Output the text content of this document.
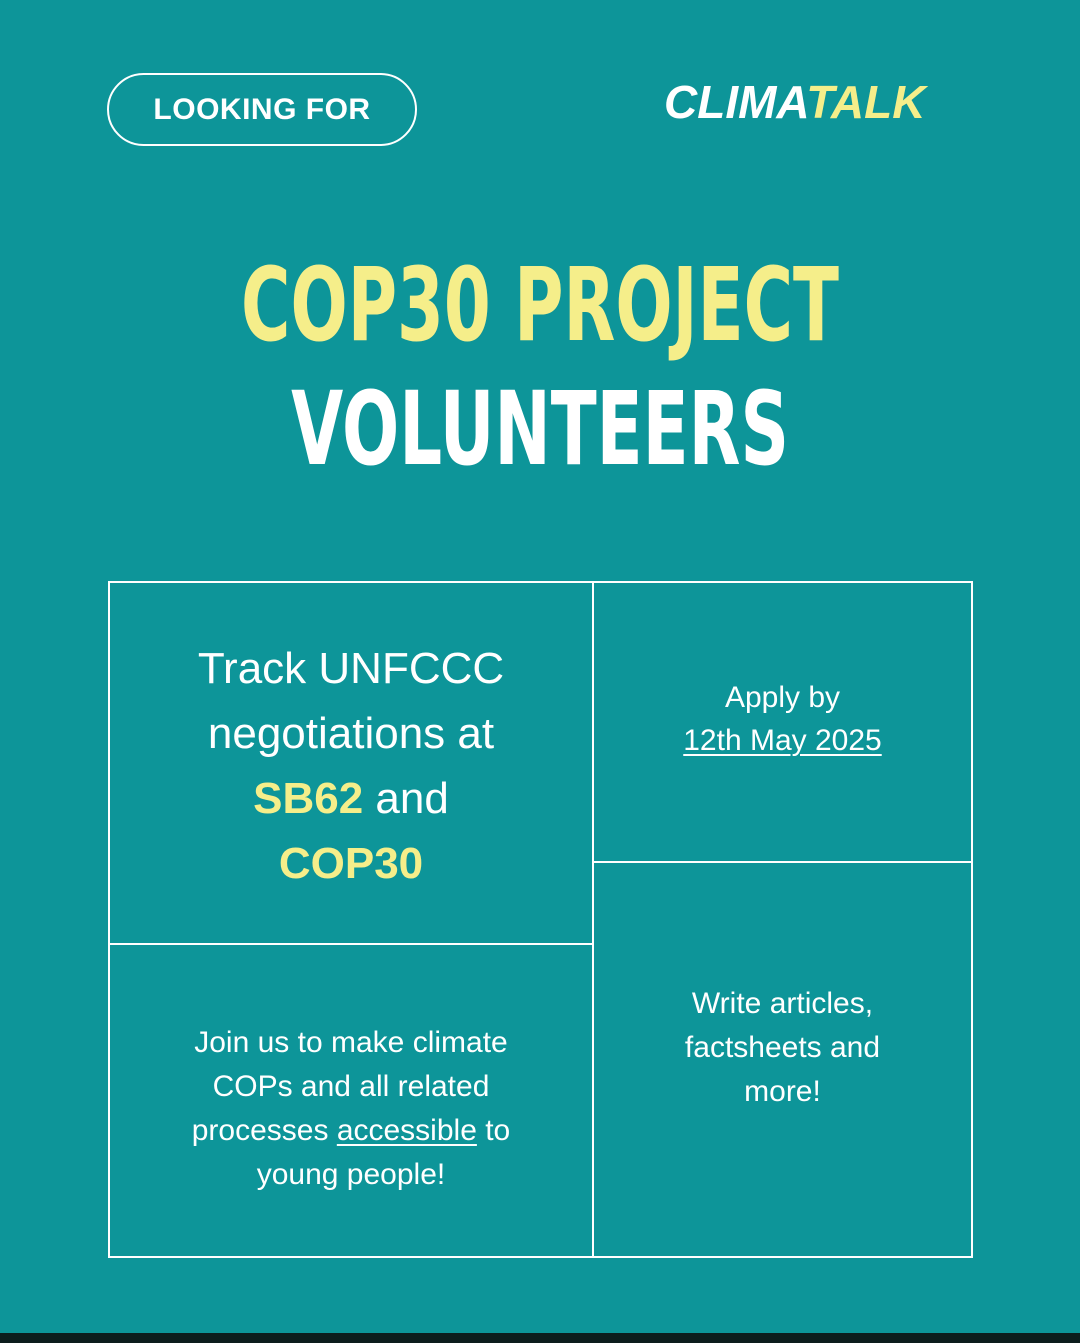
LOOKING FOR	CLIMATALK
COP30 PROJECT
VOLUNTEERS
Track UNFCCC
negotiations at
SB62 and
COP30
Apply by
12th May 2025
Join us to make climate
COPs and all related
processes accessible to
young people!
Write articles,
factsheets and
more!
